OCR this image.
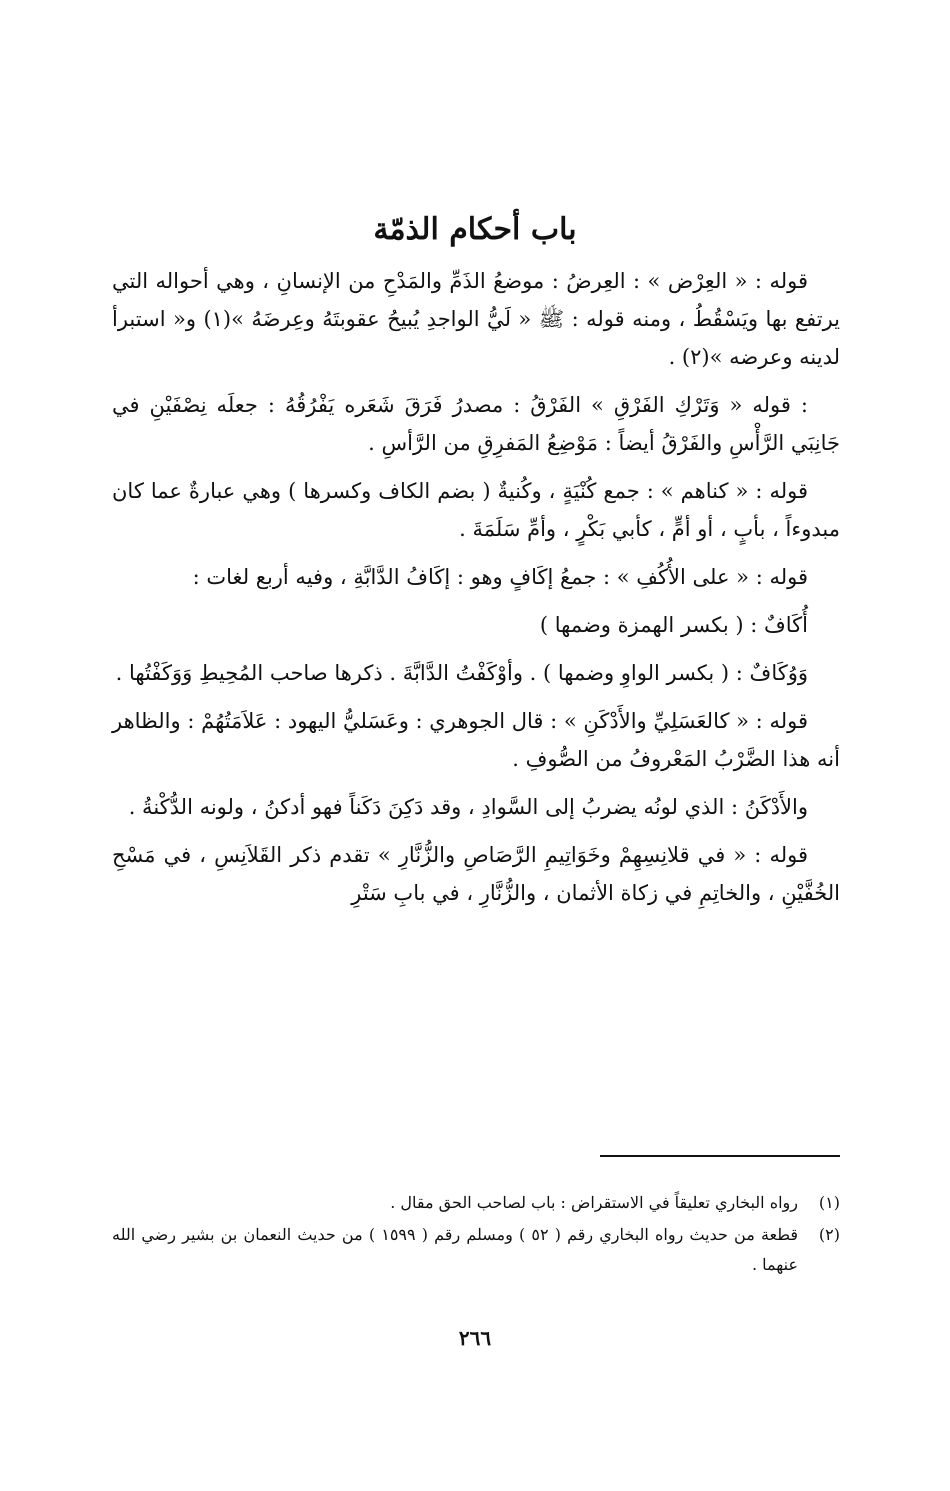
باب أحكام الذمّة

قوله : « العِرْض » : العِرضُ : موضعُ الذَمِّ والمَدْحِ من الإنسانِ ، وهي أحواله التي يرتفع بها ويَسْقُطُ ، ومنه قوله : ﷺ « لَيُّ الواجدِ يُبيحُ عقوبتَهُ وعِرضَهُ »(١) و« استبرأ لدينه وعرضه »(٢) .

: قوله « وَتَرْكِ الفَرْقِ » الفَرْقُ : مصدرُ فَرَقَ شَعَره يَفْرُقُهُ : جعلَه نِصْفَيْنِ في جَانِبَي الرَّأْسِ والفَرْقُ أيضاً : مَوْضِعُ المَفرِقِ من الرَّأسِ .

قوله : « كناهم » : جمع كُنْيَةٍ ، وكُنيةٌ ( بضم الكاف وكسرها ) وهي عبارةٌ عما كان مبدوءاً ، بأبٍ ، أو أمٍّ ، كأبي بَكْرٍ ، وأمِّ سَلَمَةَ .

قوله : « على الأُكُفِ » : جمعُ إكَافٍ وهو : إكَافُ الدَّابَّةِ ، وفيه أربع لغات :

أُكَافٌ : ( بكسر الهمزة وضمها )

وَوُكَافٌ : ( بكسر الواوِ وضمها ) . وأوْكَفْتُ الدَّابَّةَ . ذكرها صاحب المُحِيطِ وَوَكَفْتُها .

قوله : « كالعَسَلِيِّ والأَدْكَنِ » : قال الجوهري : وعَسَليُّ اليهود : عَلاَمَتُهُمْ : والظاهر أنه هذا الضَّرْبُ المَعْروفُ من الصُّوفِ .

والأَدْكَنُ : الذي لونُه يضربُ إلى السَّوادِ ، وقد دَكِنَ دَكَناً فهو أدكنُ ، ولونه الدُّكْنةُ .

قوله : « في قلانِسِهِمْ وخَوَاتِيمِ الرَّصَاصِ والزُّنَّارِ » تقدم ذكر القَلاَنِسِ ، في مَسْحِ الخُفَّيْنِ ، والخاتِمِ في زكاة الأثمان ، والزُّنَّارِ ، في بابِ سَتْرِ

(١)
رواه البخاري تعليقاً في الاستقراض : باب لصاحب الحق مقال .
(٢)
قطعة من حديث رواه البخاري رقم ( ٥٢ ) ومسلم رقم ( ١٥٩٩ ) من حديث النعمان بن بشير رضي الله عنهما .
٢٦٦
